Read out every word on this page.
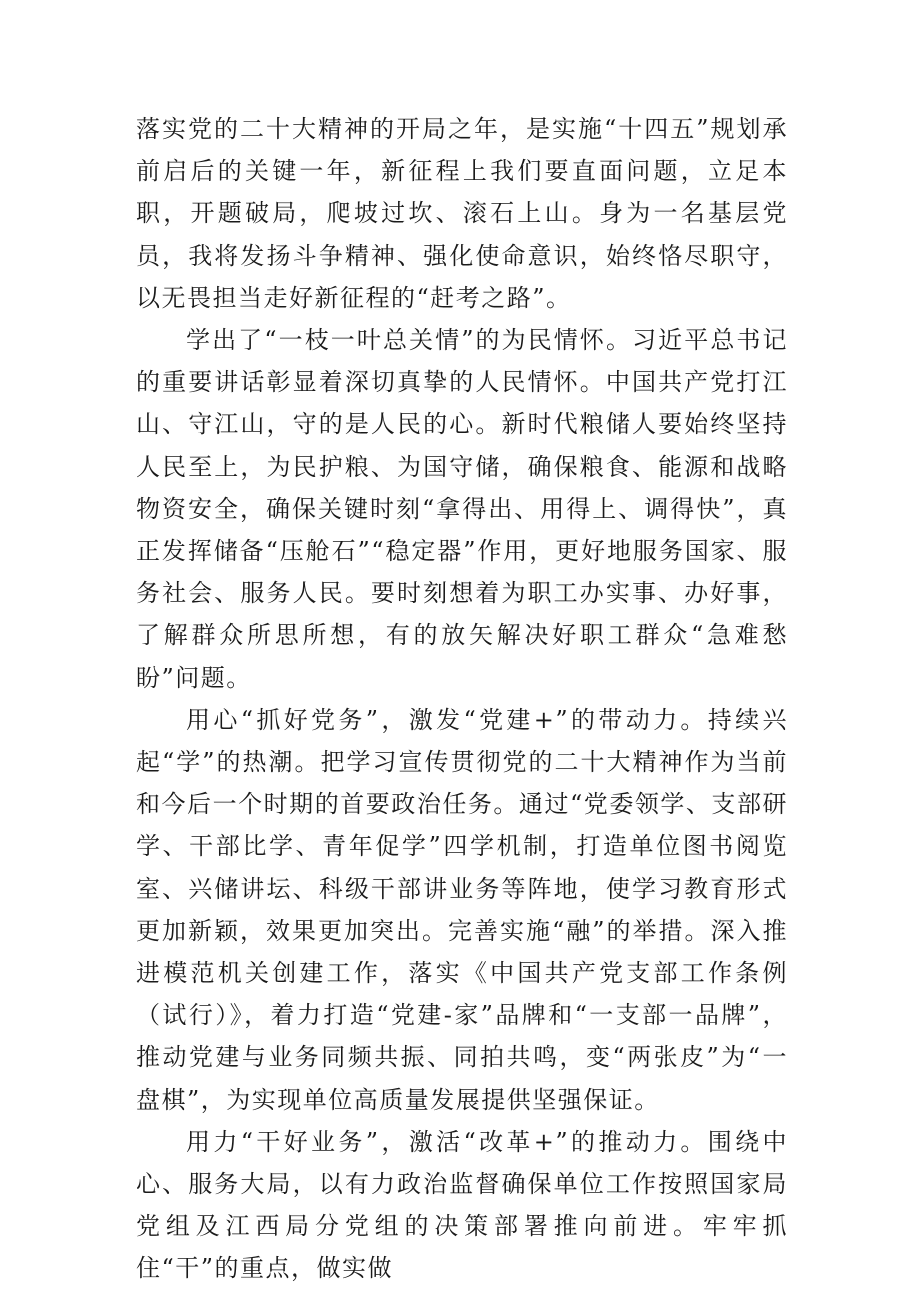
落实党的二十大精神的开局之年，是实施“十四五”规划承前启后的关键一年，新征程上我们要直面问题，立足本职，开题破局，爬坡过坎、滚石上山。身为一名基层党员，我将发扬斗争精神、强化使命意识，始终恪尽职守，以无畏担当走好新征程的“赶考之路”。

学出了“一枝一叶总关情”的为民情怀。习近平总书记的重要讲话彰显着深切真挚的人民情怀。中国共产党打江山、守江山，守的是人民的心。新时代粮储人要始终坚持人民至上，为民护粮、为国守储，确保粮食、能源和战略物资安全，确保关键时刻“拿得出、用得上、调得快”，真正发挥储备“压舱石”“稳定器”作用，更好地服务国家、服务社会、服务人民。要时刻想着为职工办实事、办好事，了解群众所思所想，有的放矢解决好职工群众“急难愁盼”问题。

用心“抓好党务”，激发“党建+”的带动力。持续兴起“学”的热潮。把学习宣传贯彻党的二十大精神作为当前和今后一个时期的首要政治任务。通过“党委领学、支部研学、干部比学、青年促学”四学机制，打造单位图书阅览室、兴储讲坛、科级干部讲业务等阵地，使学习教育形式更加新颖，效果更加突出。完善实施“融”的举措。深入推进模范机关创建工作，落实《中国共产党支部工作条例（试行）》，着力打造“党建-家”品牌和“一支部一品牌”，推动党建与业务同频共振、同拍共鸣，变“两张皮”为“一盘棋”，为实现单位高质量发展提供坚强保证。

用力“干好业务”，激活“改革+”的推动力。围绕中心、服务大局，以有力政治监督确保单位工作按照国家局党组及江西局分党组的决策部署推向前进。牢牢抓住“干”的重点，做实做
